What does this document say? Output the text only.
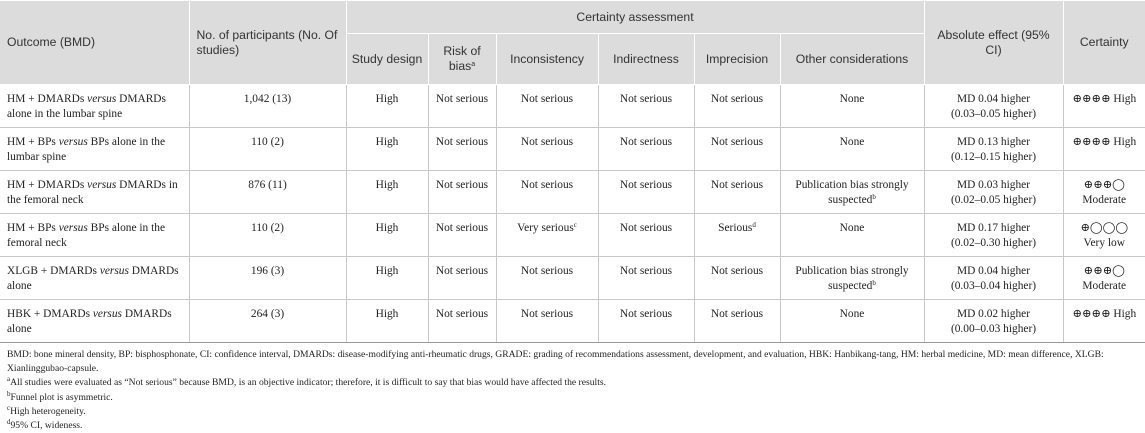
Outcome (BMD)	No. of participants (No. Of studies)	Certainty assessment						Absolute effect (95% CI)	Certainty
		Study design	Risk of bias$^a$	Inconsistency	Indirectness	Imprecision	Other considerations		
HM + DMARDs versus DMARDs alone in the lumbar spine	1,042 (13)	High	Not serious	Not serious	Not serious	Not serious	None	MD 0.04 higher
(0.03–0.05 higher)	⊕⊕⊕⊕ High

HM + BPs versus BPs alone in the lumbar spine	110 (2)	High	Not serious	Not serious	Not serious	Not serious	None	MD 0.13 higher
(0.12–0.15 higher)	⊕⊕⊕⊕ High

HM + DMARDs versus DMARDs in the femoral neck	876 (11)	High	Not serious	Not serious	Not serious	Not serious	Publication bias strongly suspected$^b$	MD 0.03 higher
(0.02–0.05 higher)	⊕⊕⊕◯
Moderate
HM + BPs versus BPs alone in the femoral neck	110 (2)	High	Not serious	Very serious$^c$	Not serious	Serious$^d$	None	MD 0.17 higher
(0.02–0.30 higher)	⊕◯◯◯
Very low
XLGB + DMARDs versus DMARDs alone	196 (3)	High	Not serious	Not serious	Not serious	Not serious	Publication bias strongly suspected$^b$	MD 0.04 higher
(0.03–0.04 higher)	⊕⊕⊕◯
Moderate
HBK + DMARDs versus DMARDs alone	264 (3)	High	Not serious	Not serious	Not serious	Not serious	None	MD 0.02 higher
(0.00–0.03 higher)	⊕⊕⊕⊕ High

BMD: bone mineral density, BP: bisphosphonate, CI: confidence interval, DMARDs: disease-modifying anti-rheumatic drugs, GRADE: grading of recommendations assessment, development, and evaluation, HBK: Hanbikang-tang, HM: herbal medicine, MD: mean difference, XLGB: Xianlinggubao-capsule.

$^a$All studies were evaluated as “Not serious” because BMD, is an objective indicator; therefore, it is difficult to say that bias would have affected the results.

$^b$Funnel plot is asymmetric.

$^c$High heterogeneity.

$^d$95% CI, wideness.
